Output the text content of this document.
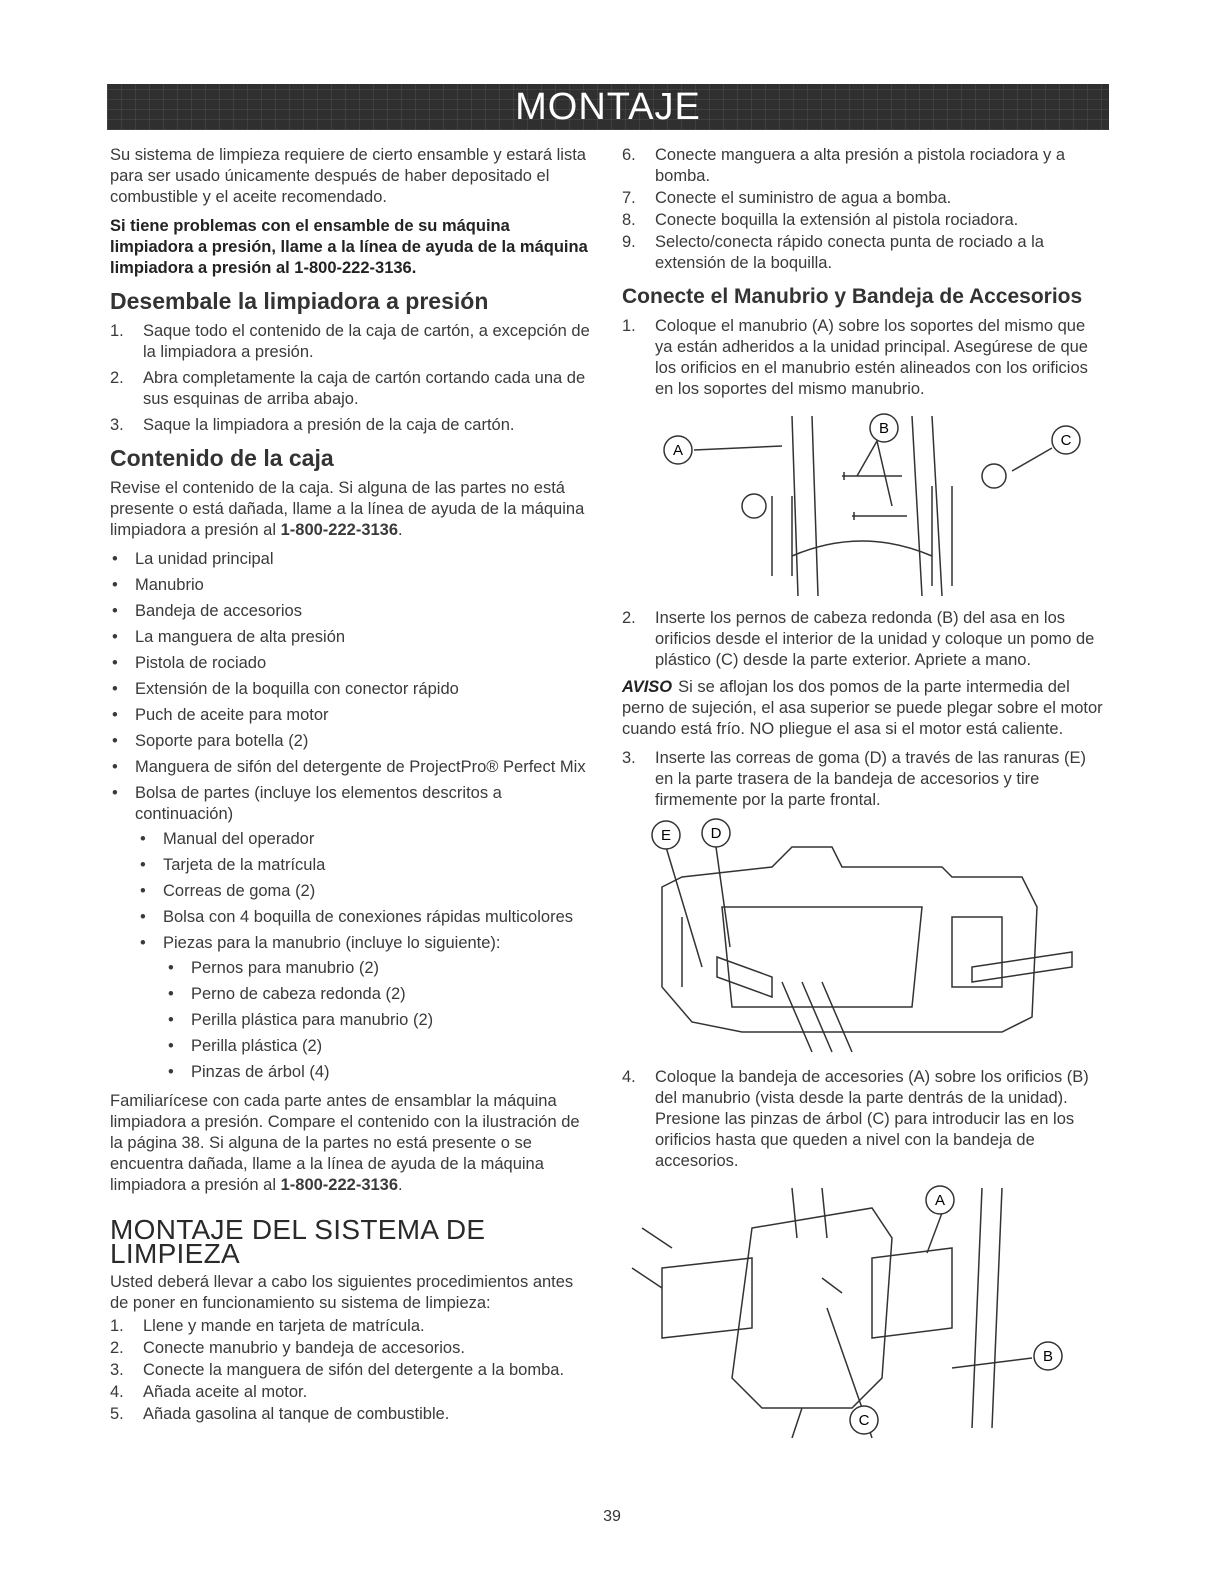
MONTAJE

Su sistema de limpieza requiere de cierto ensamble y estará lista para ser usado únicamente después de haber depositado el combustible y el aceite recomendado.

Si tiene problemas con el ensamble de su máquina limpiadora a presión, llame a la línea de ayuda de la máquina limpiadora a presión al 1-800-222-3136.

Desembale la limpiadora a presión
1. Saque todo el contenido de la caja de cartón, a excepción de la limpiadora a presión.
2. Abra completamente la caja de cartón cortando cada una de sus esquinas de arriba abajo.
3. Saque la limpiadora a presión de la caja de cartón.
Contenido de la caja

Revise el contenido de la caja. Si alguna de las partes no está presente o está dañada, llame a la línea de ayuda de la máquina limpiadora a presión al 1-800-222-3136.

• La unidad principal
• Manubrio
• Bandeja de accesorios
• La manguera de alta presión
• Pistola de rociado
• Extensión de la boquilla con conector rápido
• Puch de aceite para motor
• Soporte para botella (2)
• Manguera de sifón del detergente de ProjectPro® Perfect Mix
• Bolsa de partes (incluye los elementos descritos a continuación)
• Manual del operador
• Tarjeta de la matrícula
• Correas de goma (2)
• Bolsa con 4 boquilla de conexiones rápidas multicolores
• Piezas para la manubrio (incluye lo siguiente):
• Pernos para manubrio (2)
• Perno de cabeza redonda (2)
• Perilla plástica para manubrio (2)
• Perilla plástica (2)
• Pinzas de árbol (4)

Familiarícese con cada parte antes de ensamblar la máquina limpiadora a presión. Compare el contenido con la ilustración de la página 38. Si alguna de la partes no está presente o se encuentra dañada, llame a la línea de ayuda de la máquina limpiadora a presión al 1-800-222-3136.

MONTAJE DEL SISTEMA DE LIMPIEZA

Usted deberá llevar a cabo los siguientes procedimientos antes de poner en funcionamiento su sistema de limpieza:

1. Llene y mande en tarjeta de matrícula.
2. Conecte manubrio y bandeja de accesorios.
3. Conecte la manguera de sifón del detergente a la bomba.
4. Añada aceite al motor.
5. Añada gasolina al tanque de combustible.
6. Conecte manguera a alta presión a pistola rociadora y a bomba.
7. Conecte el suministro de agua a bomba.
8. Conecte boquilla la extensión al pistola rociadora.
9. Selecto/conecta rápido conecta punta de rociado a la extensión de la boquilla.
Conecte el Manubrio y Bandeja de Accesorios
1. Coloque el manubrio (A) sobre los soportes del mismo que ya están adheridos a la unidad principal. Asegúrese de que los orificios en el manubrio estén alineados con los orificios en los soportes del mismo manubrio.
A
B
C
2. Inserte los pernos de cabeza redonda (B) del asa en los orificios desde el interior de la unidad y coloque un pomo de plástico (C) desde la parte exterior. Apriete a mano.

AVISO Si se aflojan los dos pomos de la parte intermedia del perno de sujeción, el asa superior se puede plegar sobre el motor cuando está frío. NO pliegue el asa si el motor está caliente.

3. Inserte las correas de goma (D) a través de las ranuras (E) en la parte trasera de la bandeja de accesorios y tire firmemente por la parte frontal.
E	D
4. Coloque la bandeja de accesories (A) sobre los orificios (B) del manubrio (vista desde la parte dentrás de la unidad). Presione las pinzas de árbol (C) para introducir las en los orificios hasta que queden a nivel con la bandeja de accesorios.
A
B
C
39
